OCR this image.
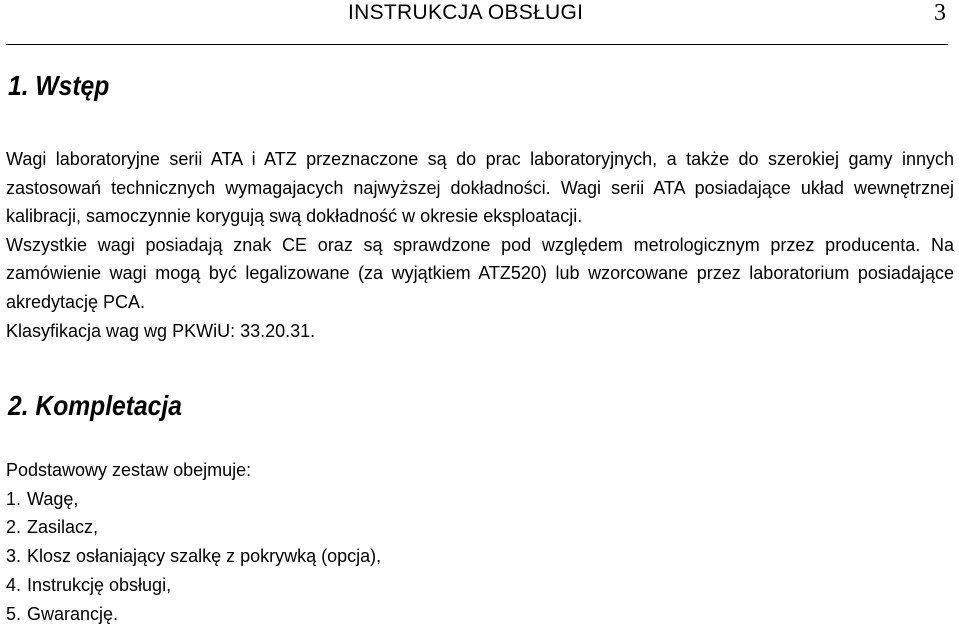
INSTRUKCJA OBSŁUGI	3
1. Wstęp

Wagi laboratoryjne serii ATA i ATZ przeznaczone są do prac laboratoryjnych, a także do szerokiej gamy innych zastosowań technicznych wymagajacych najwyższej dokładności. Wagi serii ATA posiadające układ wewnętrznej kalibracji, samoczynnie korygują swą dokładność w okresie eksploatacji.

Wszystkie wagi posiadają znak CE oraz są sprawdzone pod względem metrologicznym przez producenta. Na zamówienie wagi mogą być legalizowane (za wyjątkiem ATZ520) lub wzorcowane przez laboratorium posiadające akredytację PCA.

Klasyfikacja wag wg PKWiU: 33.20.31.

2. Kompletacja

Podstawowy zestaw obejmuje:

1. Wagę,
2. Zasilacz,
3. Klosz osłaniający szalkę z pokrywką (opcja),
4. Instrukcję obsługi,
5. Gwarancję.
